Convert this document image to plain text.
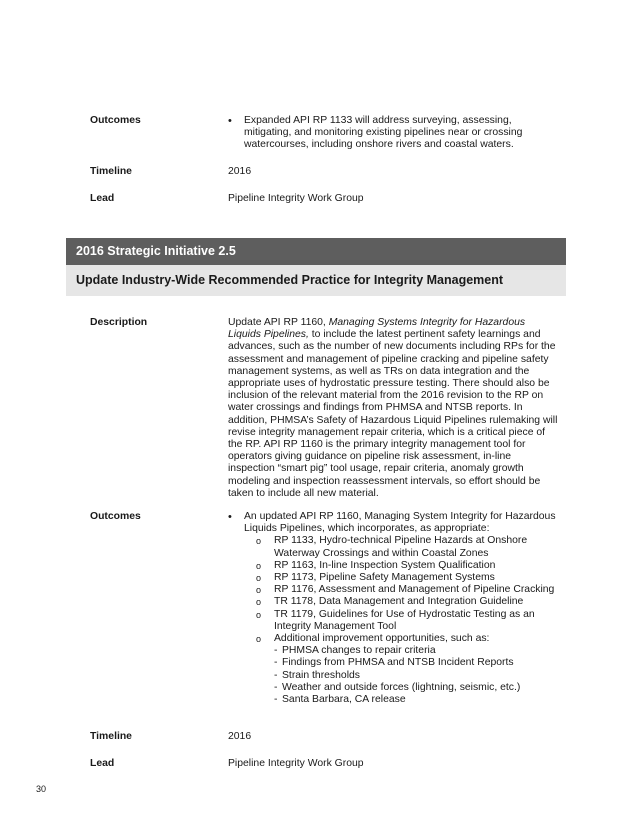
Outcomes	• Expanded API RP 1133 will address surveying, assessing, mitigating, and monitoring existing pipelines near or crossing watercourses, including onshore rivers and coastal waters.
Timeline	2016
Lead	Pipeline Integrity Work Group
2016 Strategic Initiative 2.5
Update Industry-Wide Recommended Practice for Integrity Management
Description	Update API RP 1160, Managing Systems Integrity for Hazardous Liquids Pipelines, to include the latest pertinent safety learnings and advances, such as the number of new documents including RPs for the assessment and management of pipeline cracking and pipeline safety management systems, as well as TRs on data integration and the appropriate uses of hydrostatic pressure testing. There should also be inclusion of the relevant material from the 2016 revision to the RP on water crossings and findings from PHMSA and NTSB reports. In addition, PHMSA’s Safety of Hazardous Liquid Pipelines rulemaking will revise integrity management repair criteria, which is a critical piece of the RP. API RP 1160 is the primary integrity management tool for operators giving guidance on pipeline risk assessment, in-line inspection “smart pig” tool usage, repair criteria, anomaly growth modeling and inspection reassessment intervals, so effort should be taken to include all new material.
Outcomes	• An updated API RP 1160, Managing System Integrity for Hazardous Liquids Pipelines, which incorporates, as appropriate:
o RP 1133, Hydro-technical Pipeline Hazards at Onshore Waterway Crossings and within Coastal Zones
o RP 1163, In-line Inspection System Qualification
o RP 1173, Pipeline Safety Management Systems
o RP 1176, Assessment and Management of Pipeline Cracking
o TR 1178, Data Management and Integration Guideline
o TR 1179, Guidelines for Use of Hydrostatic Testing as an Integrity Management Tool
o Additional improvement opportunities, such as:
- PHMSA changes to repair criteria
- Findings from PHMSA and NTSB Incident Reports
- Strain thresholds
- Weather and outside forces (lightning, seismic, etc.)
- Santa Barbara, CA release
Timeline	2016
Lead	Pipeline Integrity Work Group
30
